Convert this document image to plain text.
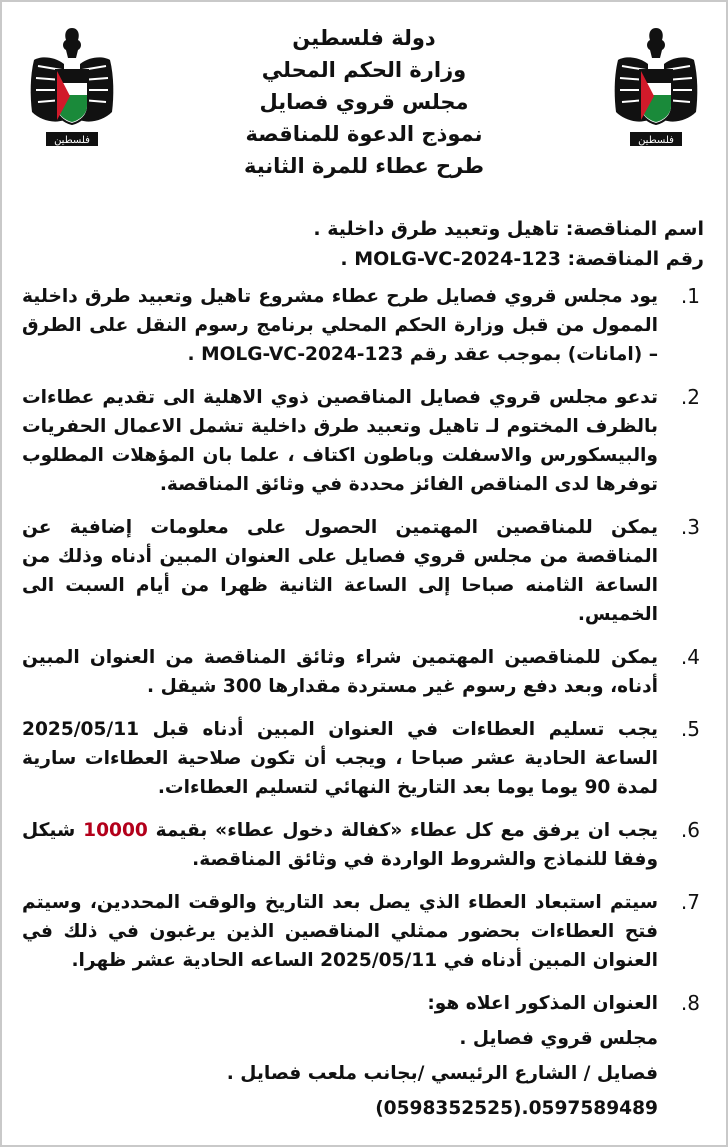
فلسطين
فلسطين
دولة فلسطين
وزارة الحكم المحلي
مجلس قروي فصايل
نموذج الدعوة للمناقصة
طرح عطاء للمرة الثانية
اسم المناقصة: تاهيل وتعبيد طرق داخلية .
رقم المناقصة: MOLG-VC-2024-123 .
1.
يود مجلس قروي فصايل طرح عطاء مشروع تاهيل وتعبيد طرق داخلية الممول من قبل وزارة الحكم المحلي برنامج رسوم النقل على الطرق – (امانات) بموجب عقد رقم MOLG-VC-2024-123 .
2.
تدعو مجلس قروي فصايل المناقصين ذوي الاهلية الى تقديم عطاءات بالظرف المختوم لـ تاهيل وتعبيد طرق داخلية تشمل الاعمال الحفريات والبيسكورس والاسفلت وباطون اكتاف ، علما بان المؤهلات المطلوب توفرها لدى المناقص الفائز محددة في وثائق المناقصة.
3.
يمكن للمناقصين المهتمين الحصول على معلومات إضافية عن المناقصة من مجلس قروي فصايل على العنوان المبين أدناه وذلك من الساعة الثامنه صباحا إلى الساعة الثانية ظهرا من أيام السبت الى الخميس.
4.
يمكن للمناقصين المهتمين شراء وثائق المناقصة من العنوان المبين أدناه، وبعد دفع رسوم غير مستردة مقدارها 300 شيقل .
5.
يجب تسليم العطاءات في العنوان المبين أدناه قبل 2025/05/11 الساعة الحادية عشر صباحا ، ويجب أن تكون صلاحية العطاءات سارية لمدة 90 يوما يوما بعد التاريخ النهائي لتسليم العطاءات.
6.
يجب ان يرفق مع كل عطاء «كفالة دخول عطاء» بقيمة 10000 شيكل وفقا للنماذج والشروط الواردة في وثائق المناقصة.
7.
سيتم استبعاد العطاء الذي يصل بعد التاريخ والوقت المحددين، وسيتم فتح العطاءات بحضور ممثلي المناقصين الذين يرغبون في ذلك في العنوان المبين أدناه في 2025/05/11 الساعه الحادية عشر ظهرا.
8.
العنوان المذكور اعلاه هو:
مجلس قروي فصايل .
فصايل / الشارع الرئيسي /بجانب ملعب فصايل .
(0598352525).0597589489
